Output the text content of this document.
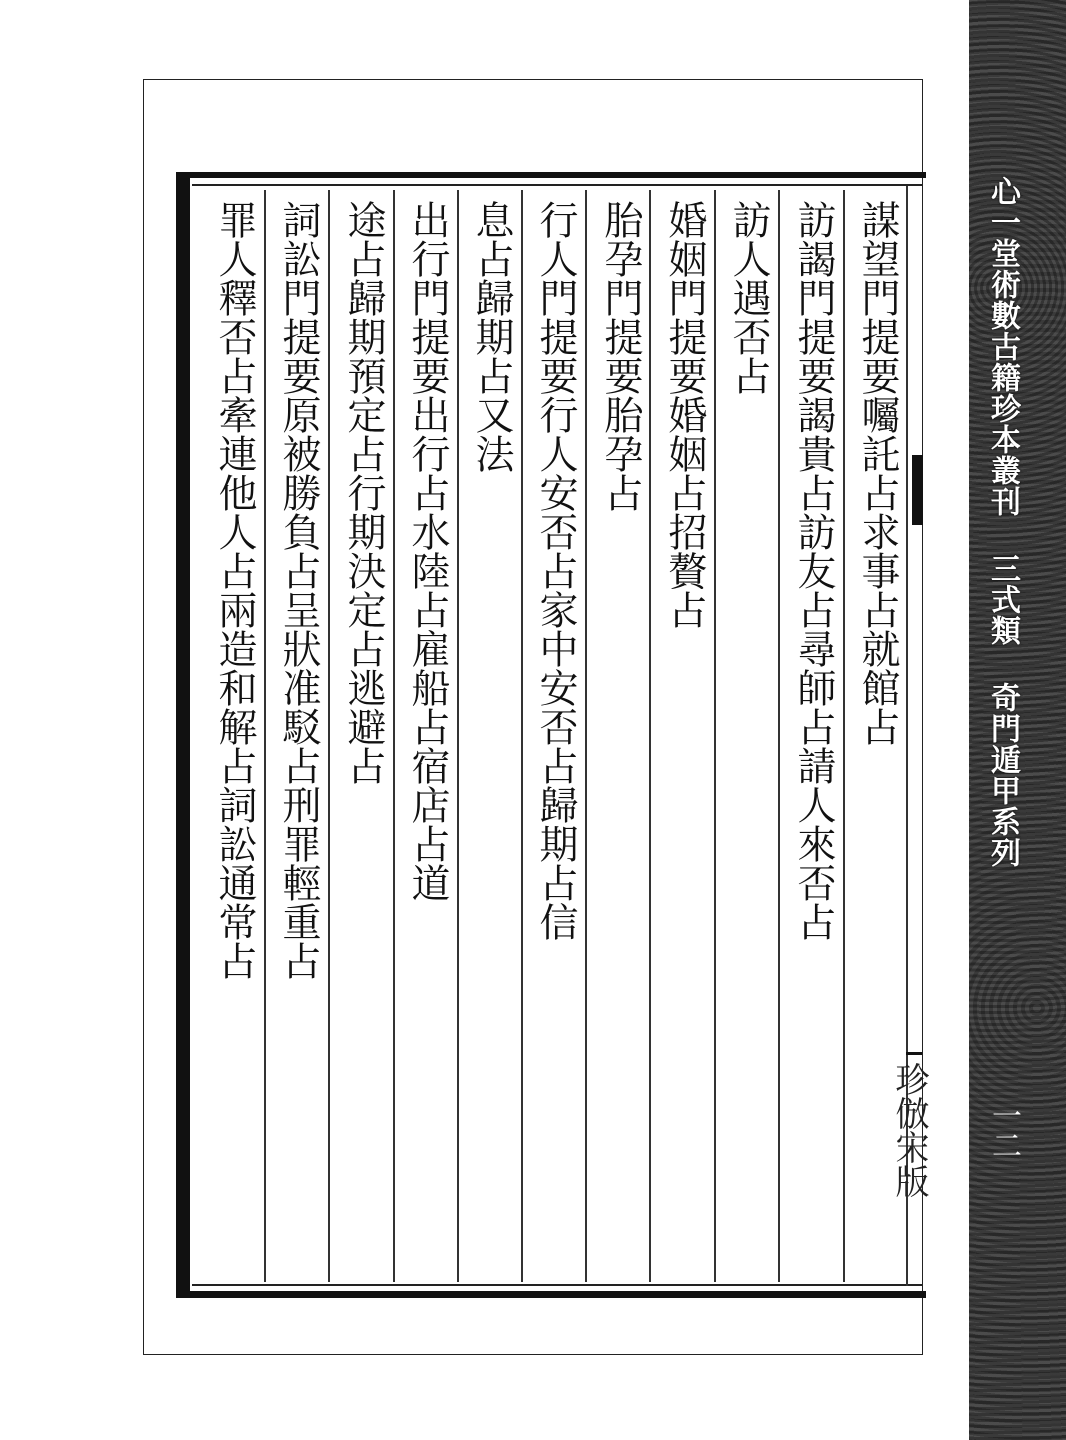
謀望門提要囑託占求事占就館占
訪謁門提要謁貴占訪友占尋師占請人來否占
訪人遇否占
婚姻門提要婚姻占招贅占
胎孕門提要胎孕占
行人門提要行人安否占家中安否占歸期占信
息占歸期占又法
出行門提要出行占水陸占雇船占宿店占道
途占歸期預定占行期決定占逃避占
詞訟門提要原被勝負占呈狀准駁占刑罪輕重占
罪人釋否占牽連他人占兩造和解占詞訟通常占
珍倣宋版
心一堂術數古籍珍本叢刊 三式類 奇門遁甲系列
一二
